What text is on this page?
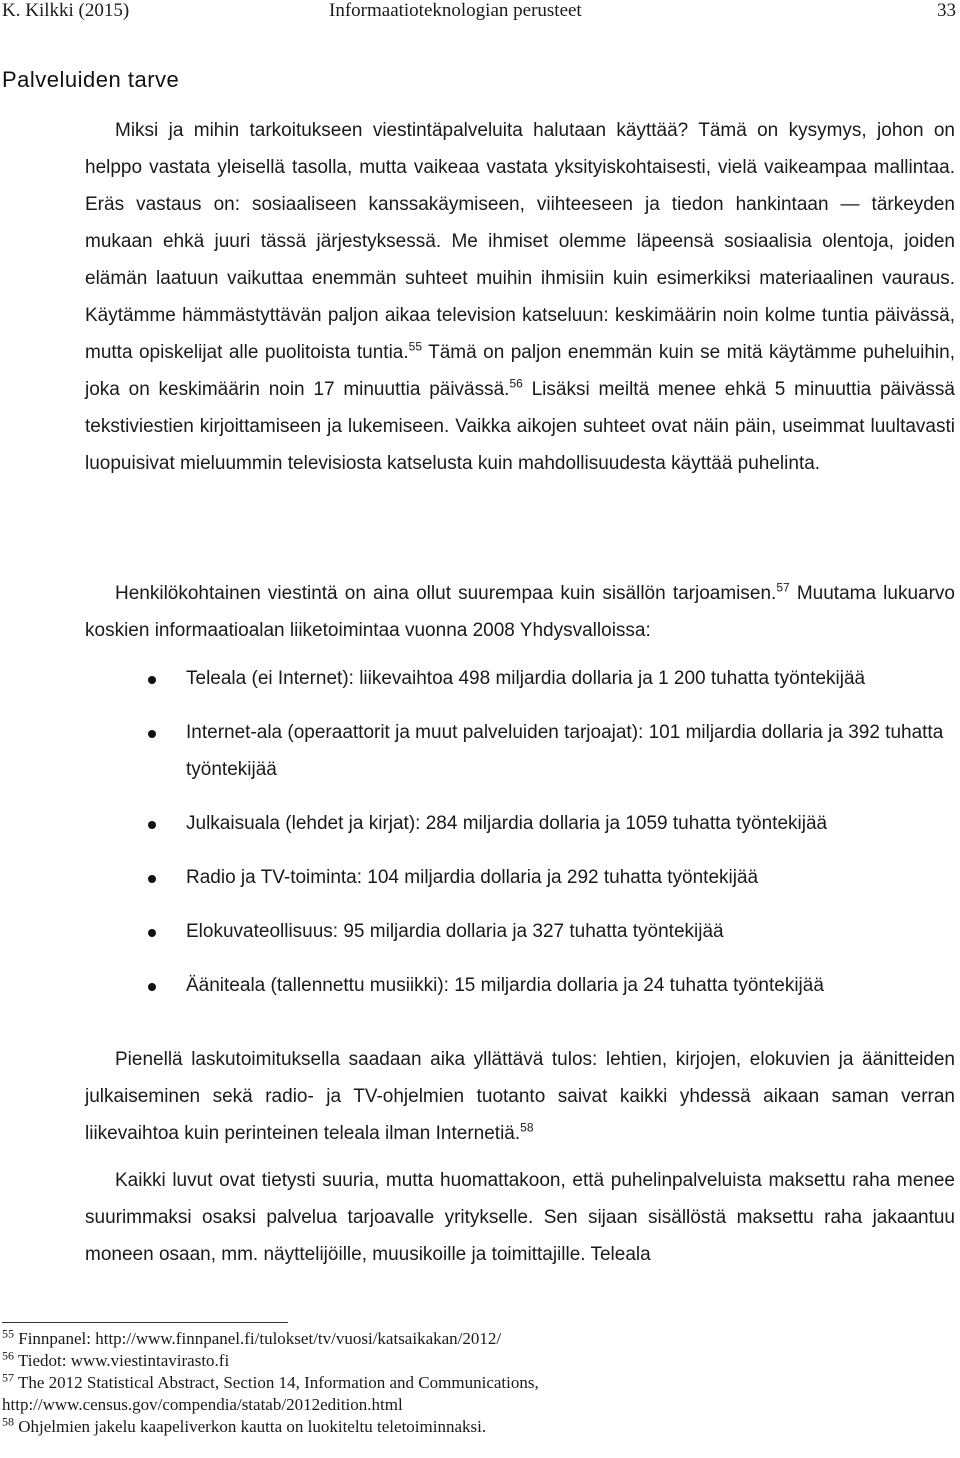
K. Kilkki (2015)	Informaatioteknologian perusteet	33
Palveluiden tarve

Miksi ja mihin tarkoitukseen viestintäpalveluita halutaan käyttää? Tämä on kysymys, johon on helppo vastata yleisellä tasolla, mutta vaikeaa vastata yksityiskohtaisesti, vielä vaikeampaa mallintaa. Eräs vastaus on: sosiaaliseen kanssakäymiseen, viihteeseen ja tiedon hankintaan — tärkeyden mukaan ehkä juuri tässä järjestyksessä. Me ihmiset olemme läpeensä sosiaalisia olentoja, joiden elämän laatuun vaikuttaa enemmän suhteet muihin ihmisiin kuin esimerkiksi materiaalinen vauraus. Käytämme hämmästyttävän paljon aikaa television katseluun: keskimäärin noin kolme tuntia päivässä, mutta opiskelijat alle puolitoista tuntia.$^{55}$ Tämä on paljon enemmän kuin se mitä käytämme puheluihin, joka on keskimäärin noin 17 minuuttia päivässä.$^{56}$ Lisäksi meiltä menee ehkä 5 minuuttia päivässä tekstiviestien kirjoittamiseen ja lukemiseen. Vaikka aikojen suhteet ovat näin päin, useimmat luultavasti luopuisivat mieluummin televisiosta katselusta kuin mahdollisuudesta käyttää puhelinta.

Henkilökohtainen viestintä on aina ollut suurempaa kuin sisällön tarjoamisen.$^{57}$ Muutama lukuarvo koskien informaatioalan liiketoimintaa vuonna 2008 Yhdysvalloissa:

Teleala (ei Internet): liikevaihtoa 498 miljardia dollaria ja 1 200 tuhatta työntekijää
Internet-ala (operaattorit ja muut palveluiden tarjoajat): 101 miljardia dollaria ja 392 tuhatta työntekijää
Julkaisuala (lehdet ja kirjat): 284 miljardia dollaria ja 1059 tuhatta työntekijää
Radio ja TV-toiminta: 104 miljardia dollaria ja 292 tuhatta työntekijää
Elokuvateollisuus: 95 miljardia dollaria ja 327 tuhatta työntekijää
Ääniteala (tallennettu musiikki): 15 miljardia dollaria ja 24 tuhatta työntekijää

Pienellä laskutoimituksella saadaan aika yllättävä tulos: lehtien, kirjojen, elokuvien ja äänitteiden julkaiseminen sekä radio- ja TV-ohjelmien tuotanto saivat kaikki yhdessä aikaan saman verran liikevaihtoa kuin perinteinen teleala ilman Internetiä.$^{58}$

Kaikki luvut ovat tietysti suuria, mutta huomattakoon, että puhelinpalveluista maksettu raha menee suurimmaksi osaksi palvelua tarjoavalle yritykselle. Sen sijaan sisällöstä maksettu raha jakaantuu moneen osaan, mm. näyttelijöille, muusikoille ja toimittajille. Teleala

$^{55}$ Finnpanel: http://www.finnpanel.fi/tulokset/tv/vuosi/katsaikakan/2012/
$^{56}$ Tiedot: www.viestintavirasto.fi
$^{57}$ The 2012 Statistical Abstract, Section 14, Information and Communications,
http://www.census.gov/compendia/statab/2012edition.html
$^{58}$ Ohjelmien jakelu kaapeliverkon kautta on luokiteltu teletoiminnaksi.
